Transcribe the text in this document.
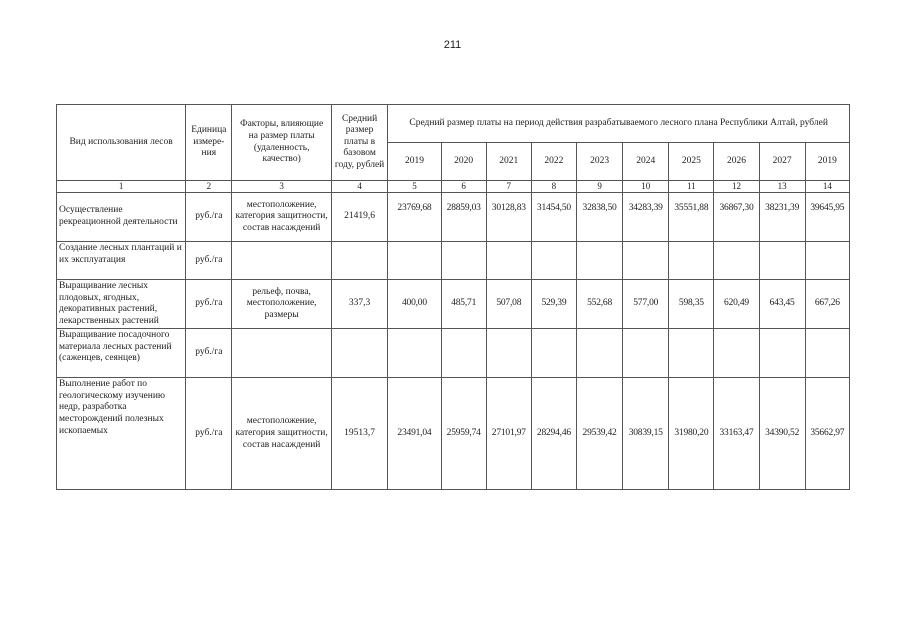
211
Вид использования лесов	Единица измере-ния	Факторы, влияющие на размер платы (удаленность, качество)	Средний размер платы в базовом году, рублей	Средний размер платы на период действия разрабатываемого лесного плана Республики Алтай, рублей									
				2019	2020	2021	2022	2023	2024	2025	2026	2027	2019
1	2	3	4	5	6	7	8	9	10	11	12	13	14
Осуществление рекреационной деятельности	руб./га	местоположение, категория защитности, состав насаждений	21419,6	23769,68	28859,03	30128,83	31454,50	32838,50	34283,39	35551,88	36867,30	38231,39	39645,95
Создание лесных плантаций и их эксплуатация	руб./га												
Выращивание лесных плодовых, ягодных, декоративных растений, лекарственных растений	руб./га	рельеф, почва, местоположение, размеры	337,3	400,00	485,71	507,08	529,39	552,68	577,00	598,35	620,49	643,45	667,26
Выращивание посадочного материала лесных растений (саженцев, сеянцев)	руб./га												
Выполнение работ по геологическому изучению недр, разработка месторождений полезных ископаемых	руб./га	местоположение, категория защитности, состав насаждений	19513,7	23491,04	25959,74	27101,97	28294,46	29539,42	30839,15	31980,20	33163,47	34390,52	35662,97
